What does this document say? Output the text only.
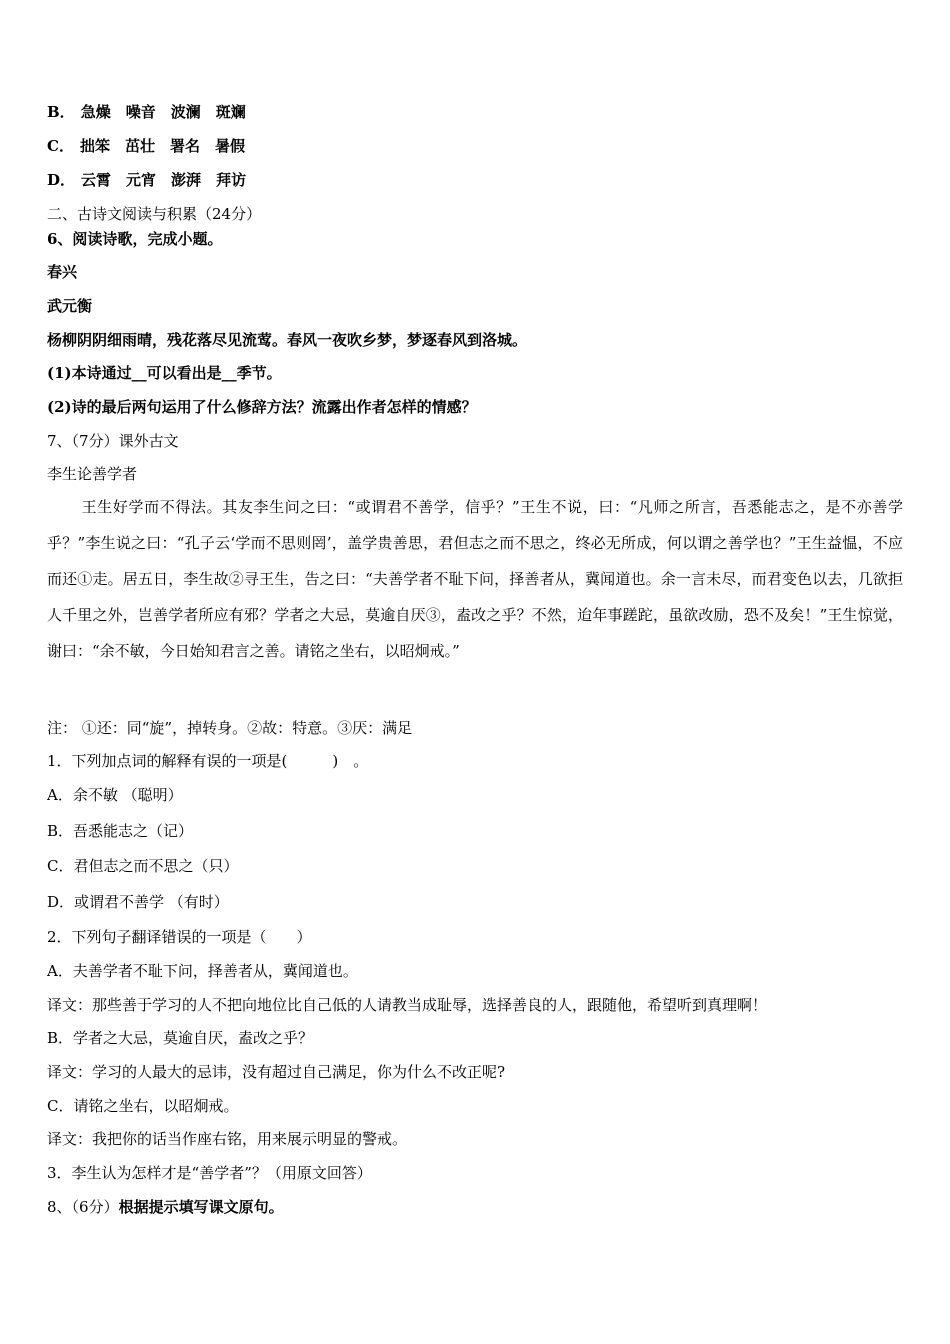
B． 急燥 噪音 波澜 斑斓
C． 拙笨 茁壮 署名 暑假
D． 云霄 元宵 澎湃 拜访
二、古诗文阅读与积累（24分）
6、阅读诗歌，完成小题。
春兴
武元衡
杨柳阴阴细雨晴，残花落尽见流莺。春风一夜吹乡梦，梦逐春风到洛城。
(1)本诗通过__可以看出是__季节。
(2)诗的最后两句运用了什么修辞方法？流露出作者怎样的情感？
7、（7分）课外古文
李生论善学者
王生好学而不得法。其友李生问之曰：“或谓君不善学，信乎？”王生不说，曰：“凡师之所言，吾悉能志之，是不亦善学乎？”李生说之曰：“孔子云‘学而不思则罔’，盖学贵善思，君但志之而不思之，终必无所成，何以谓之善学也？”王生益愠，不应而还①走。居五日，李生故②寻王生，告之曰：“夫善学者不耻下问，择善者从，冀闻道也。余一言未尽，而君变色以去，几欲拒人千里之外，岂善学者所应有邪？学者之大忌，莫逾自厌③，盍改之乎？不然，迨年事蹉跎，虽欲改励，恐不及矣！”王生惊觉，谢曰：“余不敏，今日始知君言之善。请铭之坐右，以昭炯戒。”
注： ①还：同“旋”，掉转身。②故：特意。③厌：满足
1．下列加点词的解释有误的一项是(　　　)　。
A．余不敏 （聪明）
B．吾悉能志之（记）
C．君但志之而不思之（只）
D．或谓君不善学 （有时）
2．下列句子翻译错误的一项是（　　）
A．夫善学者不耻下问，择善者从，冀闻道也。
译文：那些善于学习的人不把向地位比自己低的人请教当成耻辱，选择善良的人，跟随他，希望听到真理啊！
B．学者之大忌，莫逾自厌，盍改之乎？
译文：学习的人最大的忌讳，没有超过自己满足，你为什么不改正呢?
C．请铭之坐右，以昭炯戒。
译文：我把你的话当作座右铭，用来展示明显的警戒。
3．李生认为怎样才是“善学者”？（用原文回答）
8、（6分）根据提示填写课文原句。
